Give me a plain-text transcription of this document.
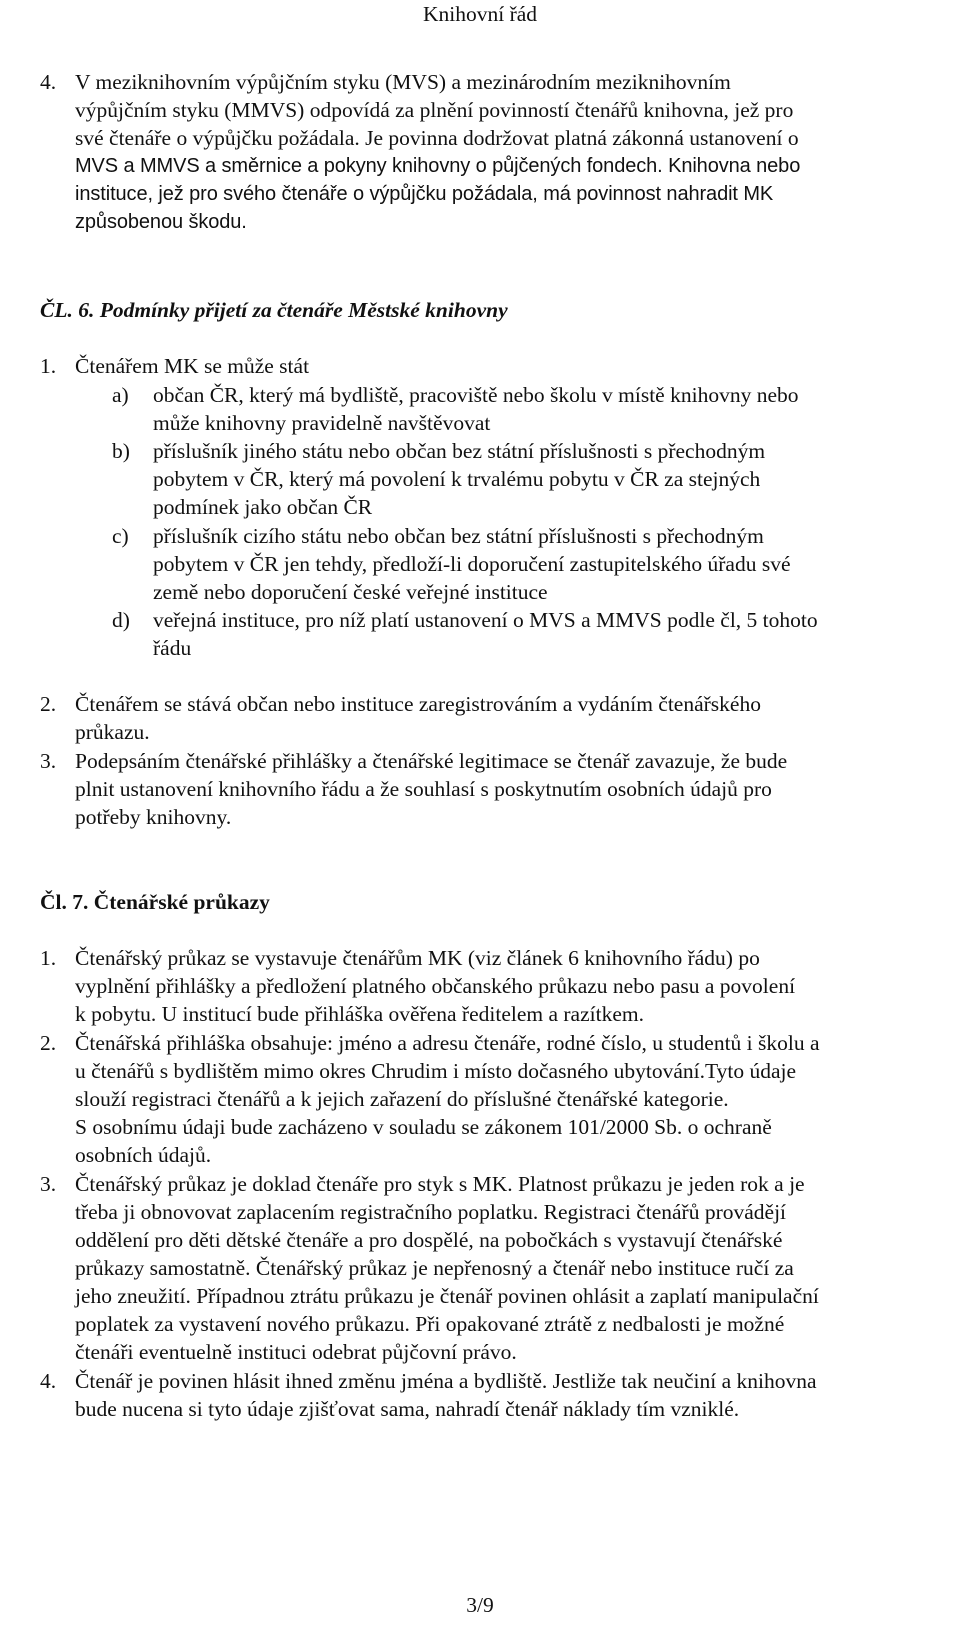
Knihovní řád
4. V meziknihovním výpůjčním styku (MVS) a mezinárodním meziknihovním
výpůjčním styku (MMVS) odpovídá za plnění povinností čtenářů knihovna, jež pro
své čtenáře o výpůjčku požádala. Je povinna dodržovat platná zákonná ustanovení o
MVS a MMVS a směrnice a pokyny knihovny o půjčených fondech. Knihovna nebo
instituce, jež pro svého čtenáře o výpůjčku požádala, má povinnost nahradit MK
způsobenou škodu.
ČL. 6. Podmínky přijetí za čtenáře Městské knihovny
1. Čtenářem MK se může stát
a) občan ČR, který má bydliště, pracoviště nebo školu v místě knihovny nebo
může knihovny pravidelně navštěvovat
b) příslušník jiného státu nebo občan bez státní příslušnosti s přechodným
pobytem v ČR, který má povolení k trvalému pobytu v ČR za stejných
podmínek jako občan ČR
c) příslušník cizího státu nebo občan bez státní příslušnosti s přechodným
pobytem v ČR jen tehdy, předloží-li doporučení zastupitelského úřadu své
země nebo doporučení české veřejné instituce
d) veřejná instituce, pro níž platí ustanovení o MVS a MMVS podle čl, 5 tohoto
řádu
2. Čtenářem se stává občan nebo instituce zaregistrováním a vydáním čtenářského
průkazu.
3. Podepsáním čtenářské přihlášky a čtenářské legitimace se čtenář zavazuje, že bude
plnit ustanovení knihovního řádu a že souhlasí s poskytnutím osobních údajů pro
potřeby knihovny.
Čl. 7. Čtenářské průkazy
1. Čtenářský průkaz se vystavuje čtenářům MK (viz článek 6 knihovního řádu) po
vyplnění přihlášky a předložení platného občanského průkazu nebo pasu a povolení
k pobytu. U institucí bude přihláška ověřena ředitelem a razítkem.
2. Čtenářská přihláška obsahuje: jméno a adresu čtenáře, rodné číslo, u studentů i školu a
u čtenářů s bydlištěm mimo okres Chrudim i místo dočasného ubytování.Tyto údaje
slouží registraci čtenářů a k jejich zařazení do příslušné čtenářské kategorie.
S osobnímu údaji bude zacházeno v souladu se zákonem 101/2000 Sb. o ochraně
osobních údajů.
3. Čtenářský průkaz je doklad čtenáře pro styk s MK. Platnost průkazu je jeden rok a je
třeba ji obnovovat zaplacením registračního poplatku. Registraci čtenářů provádějí
oddělení pro děti dětské čtenáře a pro dospělé, na pobočkách s vystavují čtenářské
průkazy samostatně. Čtenářský průkaz je nepřenosný a čtenář nebo instituce ručí za
jeho zneužití. Případnou ztrátu průkazu je čtenář povinen ohlásit a zaplatí manipulační
poplatek za vystavení nového průkazu. Při opakované ztrátě z nedbalosti je možné
čtenáři eventuelně instituci odebrat půjčovní právo.
4. Čtenář je povinen hlásit ihned změnu jména a bydliště. Jestliže tak neučiní a knihovna
bude nucena si tyto údaje zjišťovat sama, nahradí čtenář náklady tím vzniklé.
3/9
